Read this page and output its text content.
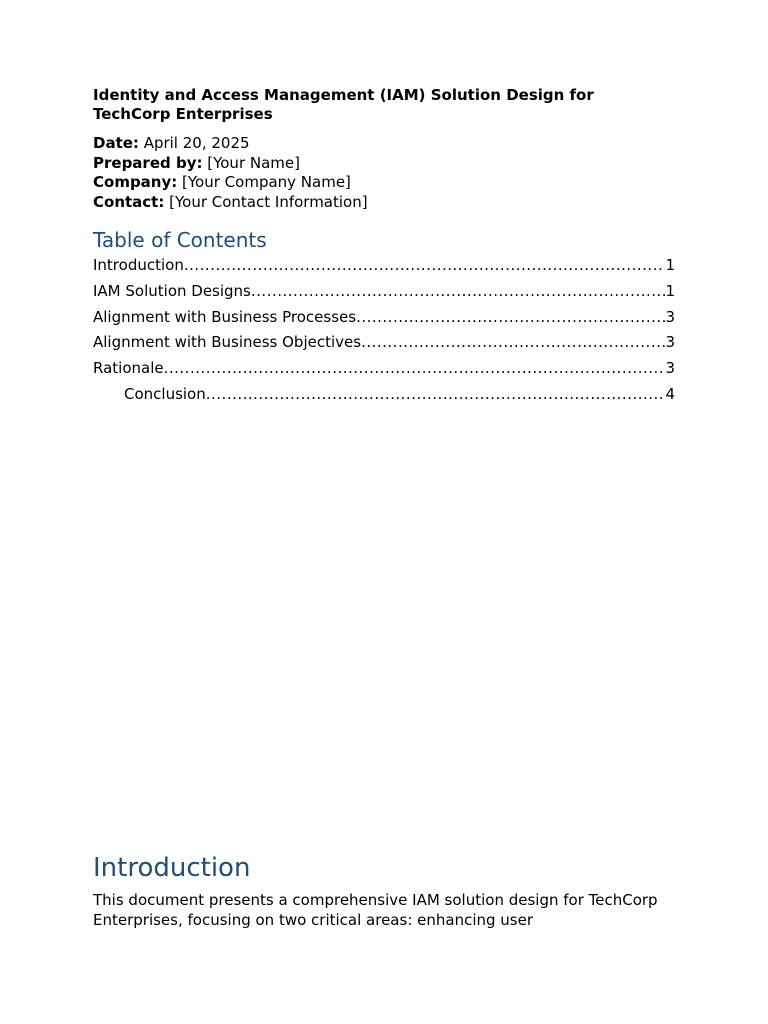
Identity and Access Management (IAM) Solution Design for TechCorp Enterprises
Date: April 20, 2025
Prepared by: [Your Name]
Company: [Your Company Name]
Contact: [Your Contact Information]
Table of Contents
Introduction .....	1
IAM Solution Designs .....	1
Alignment with Business Processes .....	3
Alignment with Business Objectives .....	3
Rationale .....	3
Conclusion .....	4
Introduction

This document presents a comprehensive IAM solution design for TechCorp Enterprises, focusing on two critical areas: enhancing user
